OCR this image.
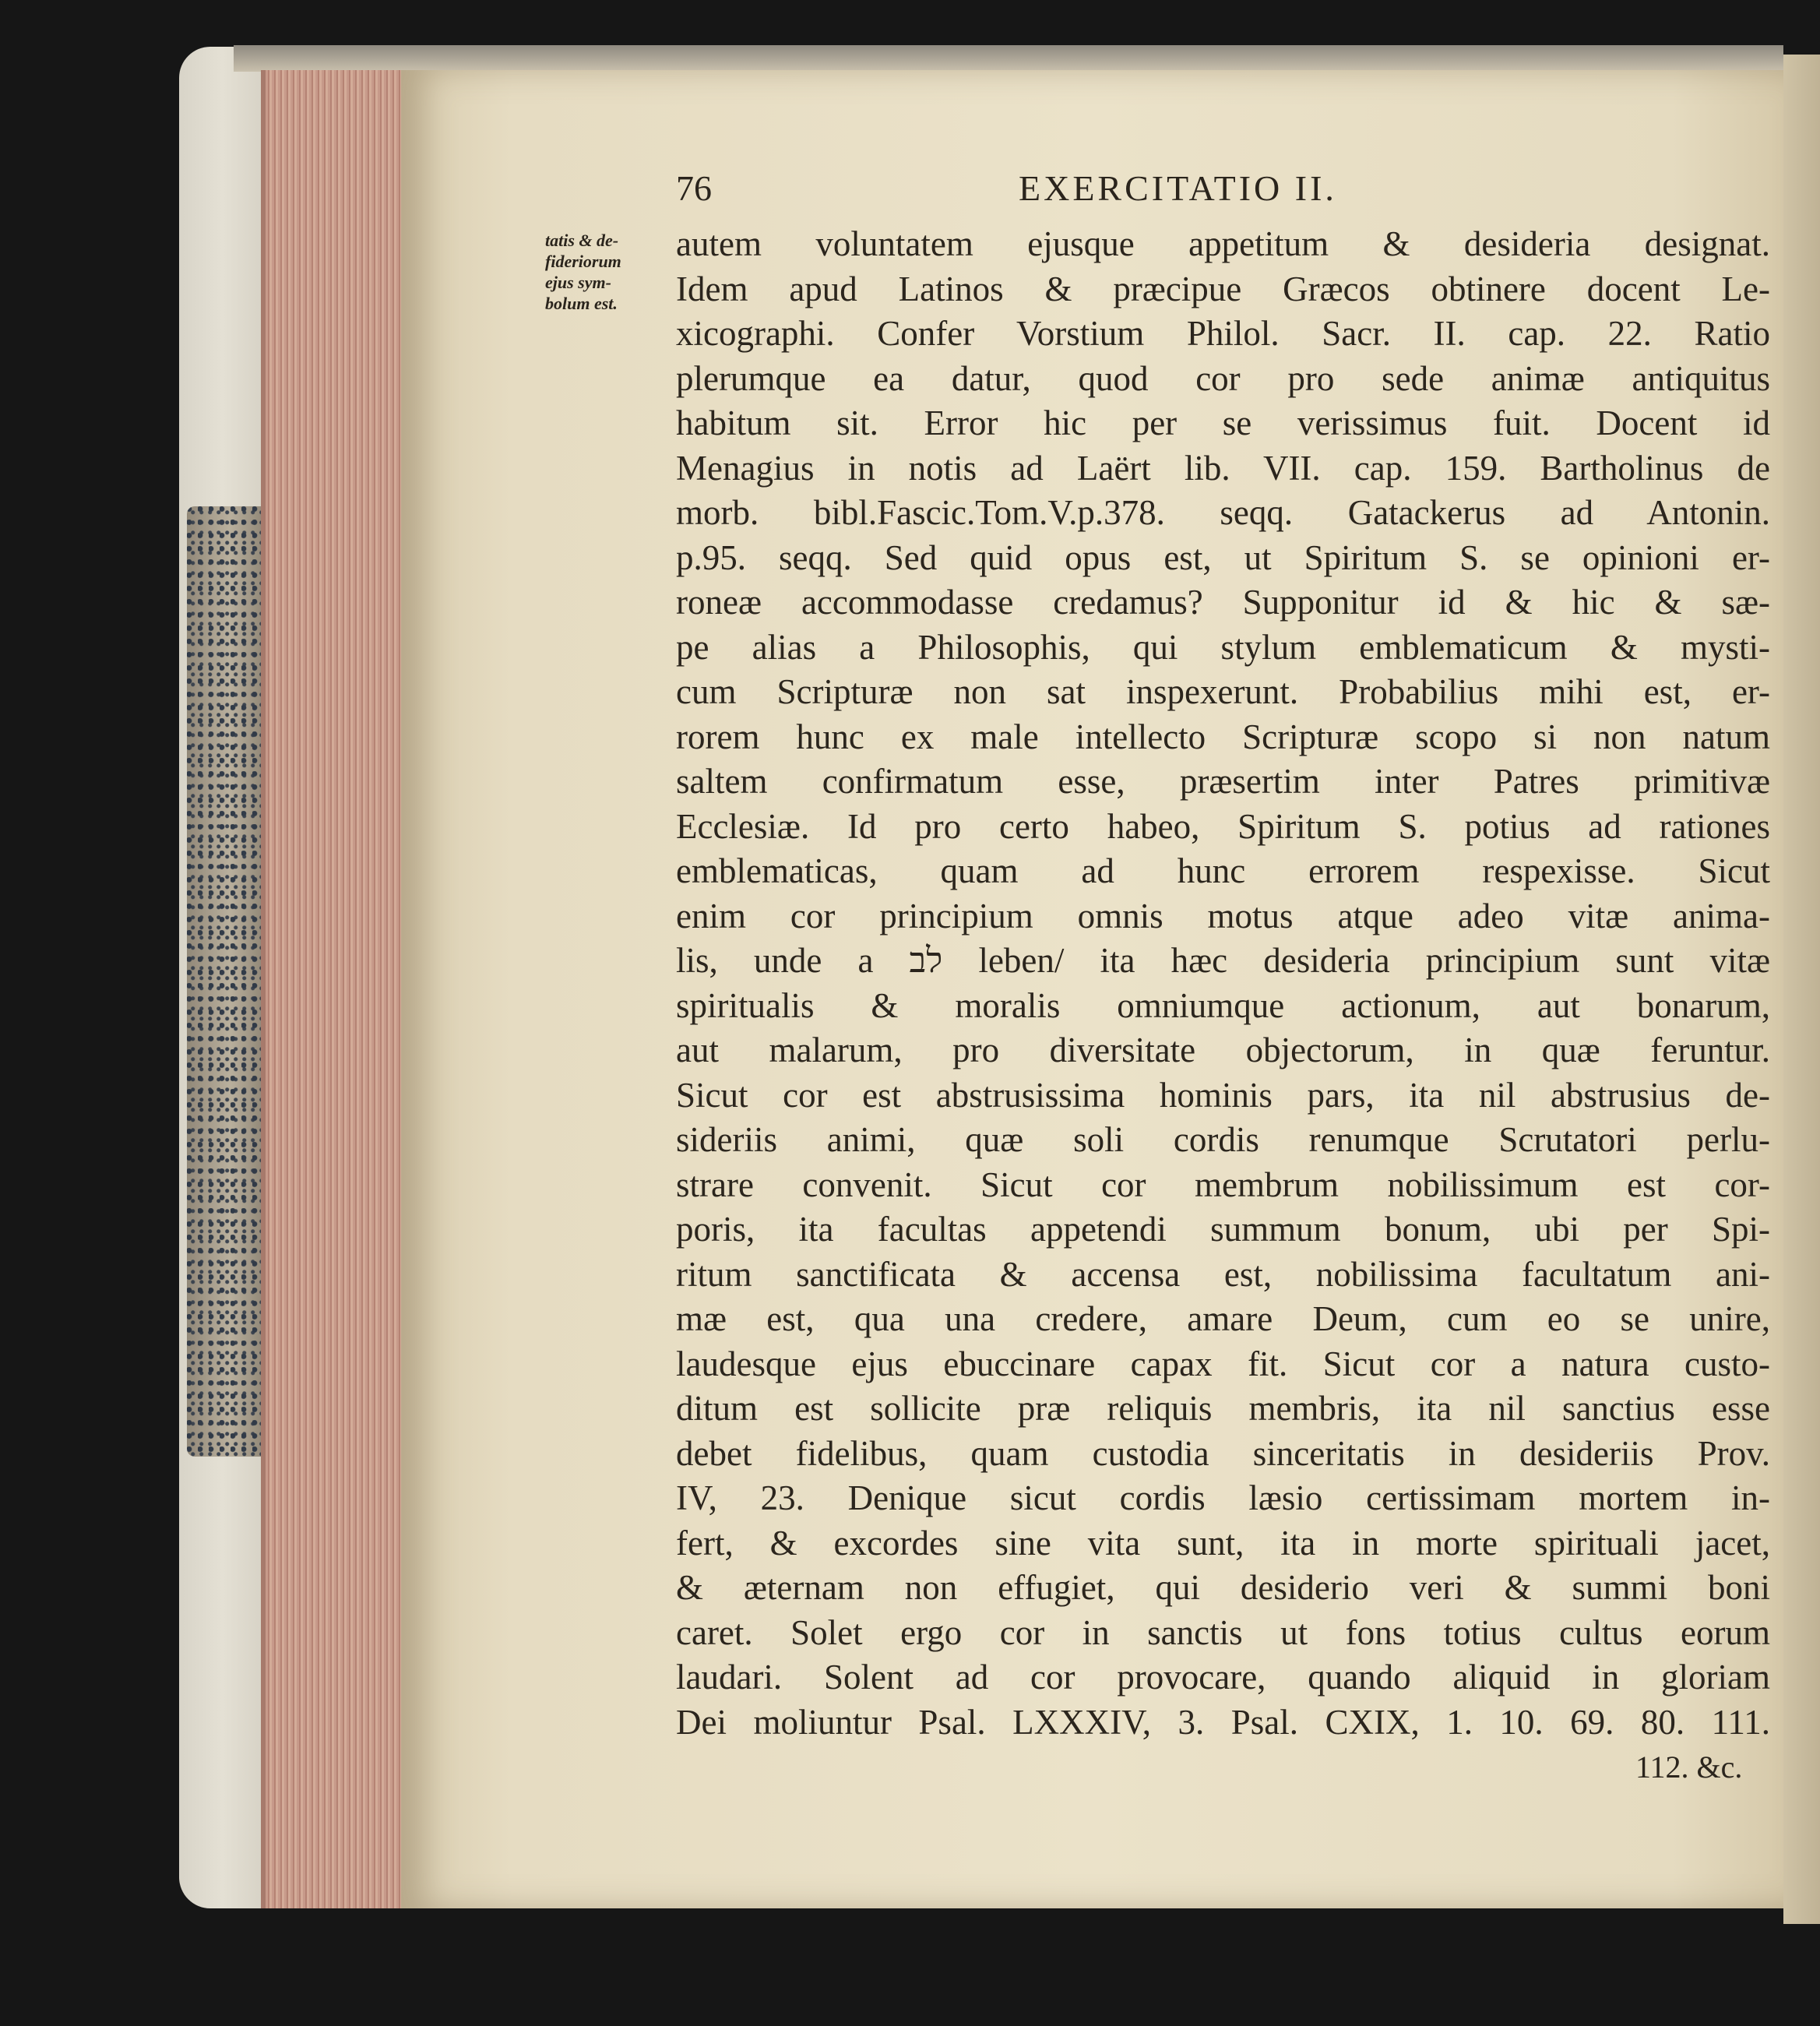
76	EXERCITATIO II.
tatis & de-
fideriorum
ejus sym-
bolum est.
autem voluntatem ejusque appetitum & desideria designat.
Idem apud Latinos & præcipue Græcos obtinere docent Le-
xicographi. Confer Vorstium Philol. Sacr. II. cap. 22. Ratio
plerumque ea datur, quod cor pro sede animæ antiquitus
habitum sit. Error hic per se verissimus fuit. Docent id
Menagius in notis ad Laërt lib. VII. cap. 159. Bartholinus de
morb. bibl.Fascic.Tom.V.p.378. seqq. Gatackerus ad Antonin.
p.95. seqq. Sed quid opus est, ut Spiritum S. se opinioni er-
roneæ accommodasse credamus? Supponitur id & hic & sæ-
pe alias a Philosophis, qui stylum emblematicum & mysti-
cum Scripturæ non sat inspexerunt. Probabilius mihi est, er-
rorem hunc ex male intellecto Scripturæ scopo si non natum
saltem confirmatum esse, præsertim inter Patres primitivæ
Ecclesiæ. Id pro certo habeo, Spiritum S. potius ad rationes
emblematicas, quam ad hunc errorem respexisse. Sicut
enim cor principium omnis motus atque adeo vitæ anima-
lis, unde a לב leben/ ita hæc desideria principium sunt vitæ
spiritualis & moralis omniumque actionum, aut bonarum,
aut malarum, pro diversitate objectorum, in quæ feruntur.
Sicut cor est abstrusissima hominis pars, ita nil abstrusius de-
sideriis animi, quæ soli cordis renumque Scrutatori perlu-
strare convenit. Sicut cor membrum nobilissimum est cor-
poris, ita facultas appetendi summum bonum, ubi per Spi-
ritum sanctificata & accensa est, nobilissima facultatum ani-
mæ est, qua una credere, amare Deum, cum eo se unire,
laudesque ejus ebuccinare capax fit. Sicut cor a natura custo-
ditum est sollicite præ reliquis membris, ita nil sanctius esse
debet fidelibus, quam custodia sinceritatis in desideriis Prov.
IV, 23. Denique sicut cordis læsio certissimam mortem in-
fert, & excordes sine vita sunt, ita in morte spirituali jacet,
& æternam non effugiet, qui desiderio veri & summi boni
caret. Solet ergo cor in sanctis ut fons totius cultus eorum
laudari. Solent ad cor provocare, quando aliquid in gloriam
Dei moliuntur Psal. LXXXIV, 3. Psal. CXIX, 1. 10. 69. 80. 111.
112. &c.
